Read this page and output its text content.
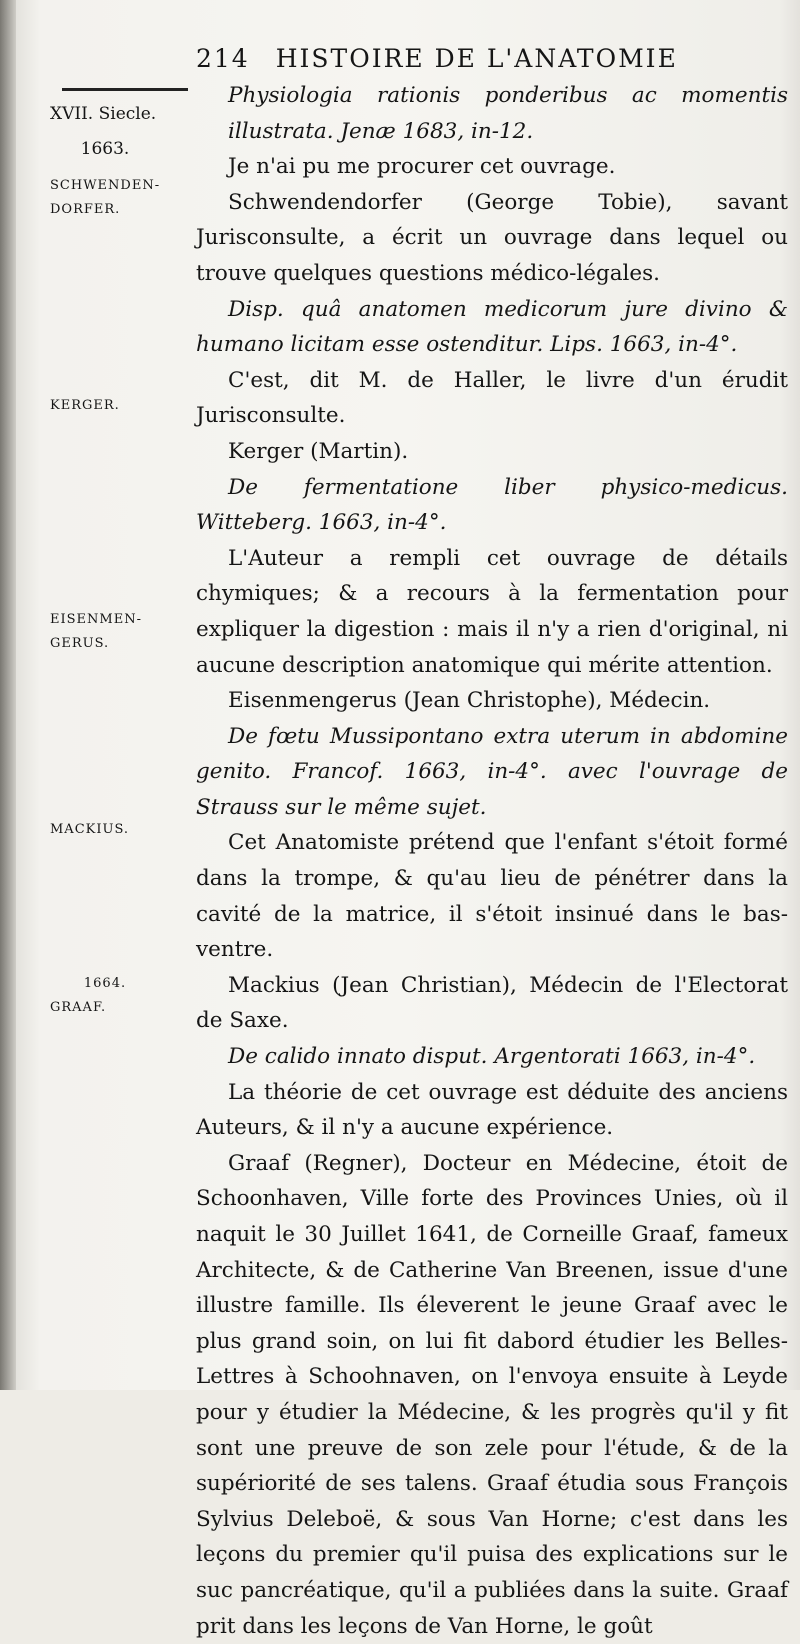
214 HISTOIRE DE L'ANATOMIE
XVII. Siecle.
1663.
SCHWENDEN-
DORFER.
KERGER.
EISENMEN-
GERUS.
MACKIUS.
1664.
GRAAF.

Physiologia rationis ponderibus ac momentis illustrata. Jenæ 1683, in-12.

Je n'ai pu me procurer cet ouvrage.

Schwendendorfer (George Tobie), savant Jurisconsulte, a écrit un ouvrage dans lequel ou trouve quelques questions médico-légales.

Disp. quâ anatomen medicorum jure divino & humano licitam esse ostenditur. Lips. 1663, in-4°.

C'est, dit M. de Haller, le livre d'un érudit Jurisconsulte.

Kerger (Martin).

De fermentatione liber physico-medicus. Witteberg. 1663, in-4°.

L'Auteur a rempli cet ouvrage de détails chymiques; & a recours à la fermentation pour expliquer la digestion : mais il n'y a rien d'original, ni aucune description anatomique qui mérite attention.

Eisenmengerus (Jean Christophe), Médecin.

De fœtu Mussipontano extra uterum in abdomine genito. Francof. 1663, in-4°. avec l'ouvrage de Strauss sur le même sujet.

Cet Anatomiste prétend que l'enfant s'étoit formé dans la trompe, & qu'au lieu de pénétrer dans la cavité de la matrice, il s'étoit insinué dans le bas-ventre.

Mackius (Jean Christian), Médecin de l'Electorat de Saxe.

De calido innato disput. Argentorati 1663, in-4°.

La théorie de cet ouvrage est déduite des anciens Auteurs, & il n'y a aucune expérience.

Graaf (Regner), Docteur en Médecine, étoit de Schoonhaven, Ville forte des Provinces Unies, où il naquit le 30 Juillet 1641, de Corneille Graaf, fameux Architecte, & de Catherine Van Breenen, issue d'une illustre famille. Ils éleverent le jeune Graaf avec le plus grand soin, on lui fit dabord étudier les Belles-Lettres à Schoohnaven, on l'envoya ensuite à Leyde pour y étudier la Médecine, & les progrès qu'il y fit sont une preuve de son zele pour l'étude, & de la supériorité de ses talens. Graaf étudia sous François Sylvius Deleboë, & sous Van Horne; c'est dans les leçons du premier qu'il puisa des explications sur le suc pancréatique, qu'il a publiées dans la suite. Graaf prit dans les leçons de Van Horne, le goût
